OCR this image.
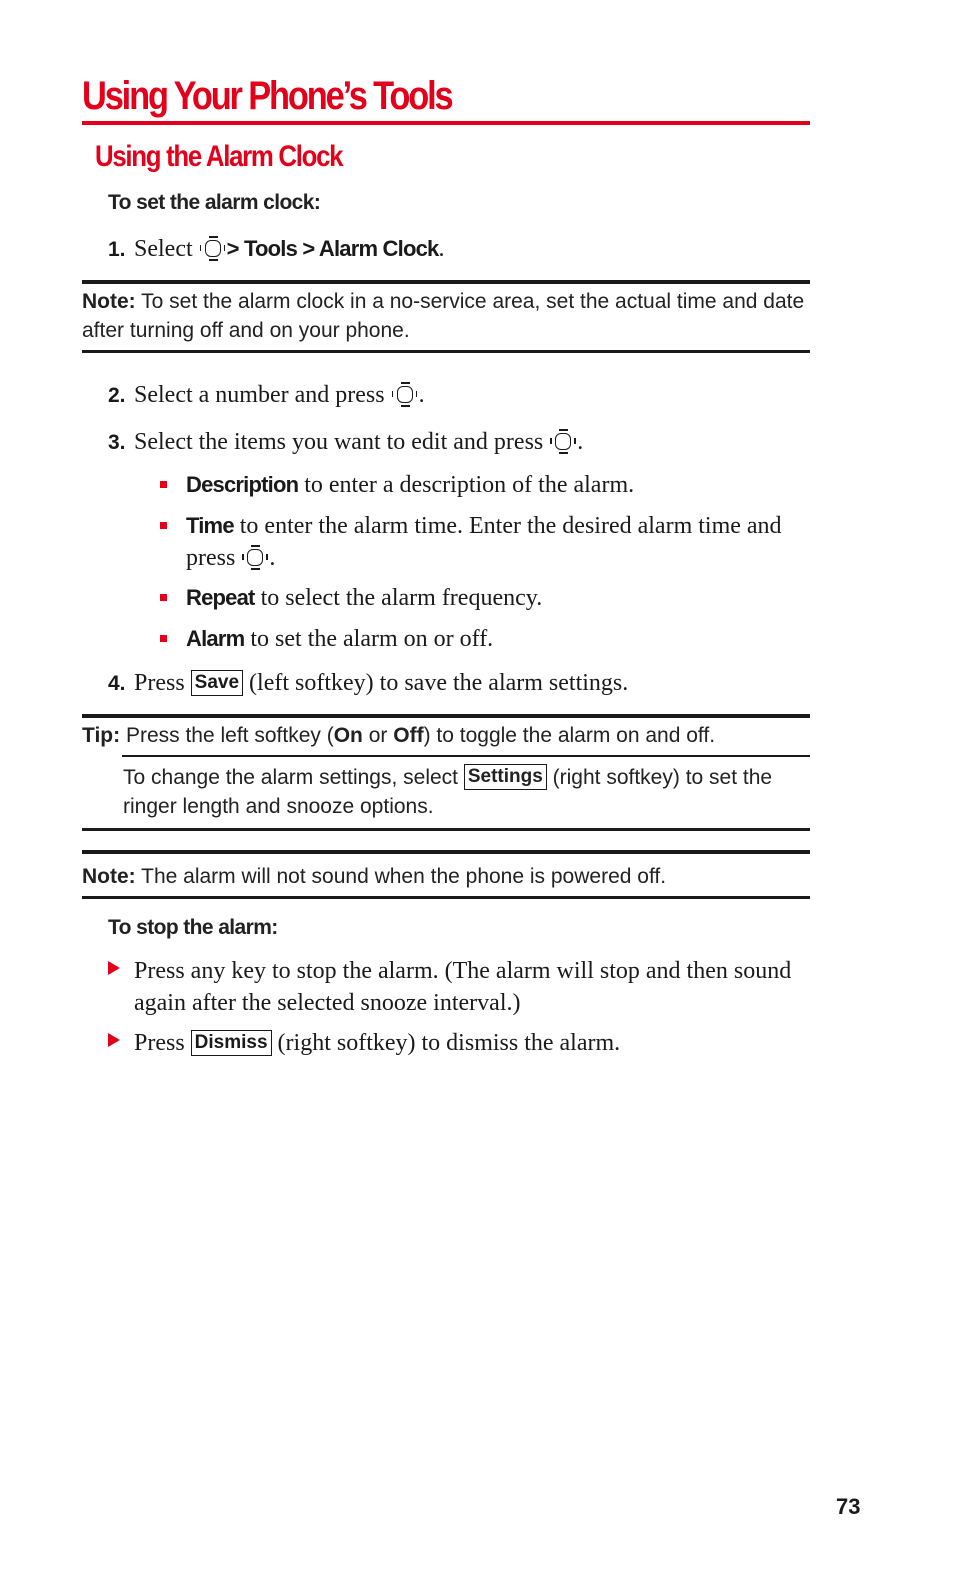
Using Your Phone’s Tools
Using the Alarm Clock
To set the alarm clock:
1. Select > Tools > Alarm Clock.
Note: To set the alarm clock in a no-service area, set the actual time and date after turning off and on your phone.
2. Select a number and press .
3. Select the items you want to edit and press .
Description to enter a description of the alarm.
Time to enter the alarm time. Enter the desired alarm time and press .
Repeat to select the alarm frequency.
Alarm to set the alarm on or off.
4. Press Save (left softkey) to save the alarm settings.
Tip: Press the left softkey (On or Off) to toggle the alarm on and off.
To change the alarm settings, select Settings (right softkey) to set the ringer length and snooze options.
Note: The alarm will not sound when the phone is powered off.
To stop the alarm:
Press any key to stop the alarm. (The alarm will stop and then sound again after the selected snooze interval.)
Press Dismiss (right softkey) to dismiss the alarm.
73
